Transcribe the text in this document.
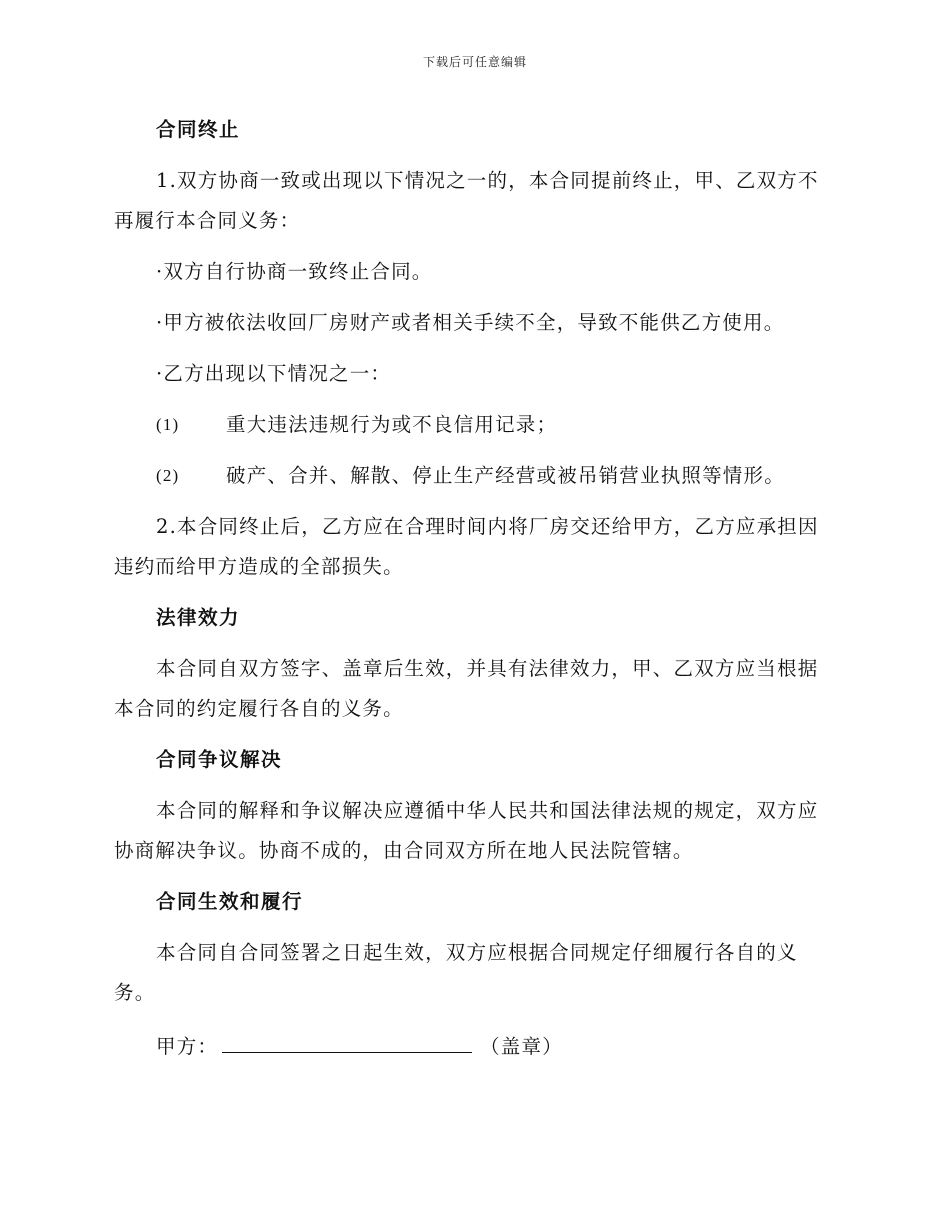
下载后可任意编辑
合同终止
1.双方协商一致或出现以下情况之一的，本合同提前终止，甲、乙双方不再履行本合同义务：
·双方自行协商一致终止合同。
·甲方被依法收回厂房财产或者相关手续不全，导致不能供乙方使用。
·乙方出现以下情况之一：
(1)	重大违法违规行为或不良信用记录；
(2)	破产、合并、解散、停止生产经营或被吊销营业执照等情形。
2.本合同终止后，乙方应在合理时间内将厂房交还给甲方，乙方应承担因违约而给甲方造成的全部损失。
法律效力
本合同自双方签字、盖章后生效，并具有法律效力，甲、乙双方应当根据本合同的约定履行各自的义务。
合同争议解决
本合同的解释和争议解决应遵循中华人民共和国法律法规的规定，双方应协商解决争议。协商不成的，由合同双方所在地人民法院管辖。
合同生效和履行
本合同自合同签署之日起生效，双方应根据合同规定仔细履行各自的义务。
甲方：	（盖章）
